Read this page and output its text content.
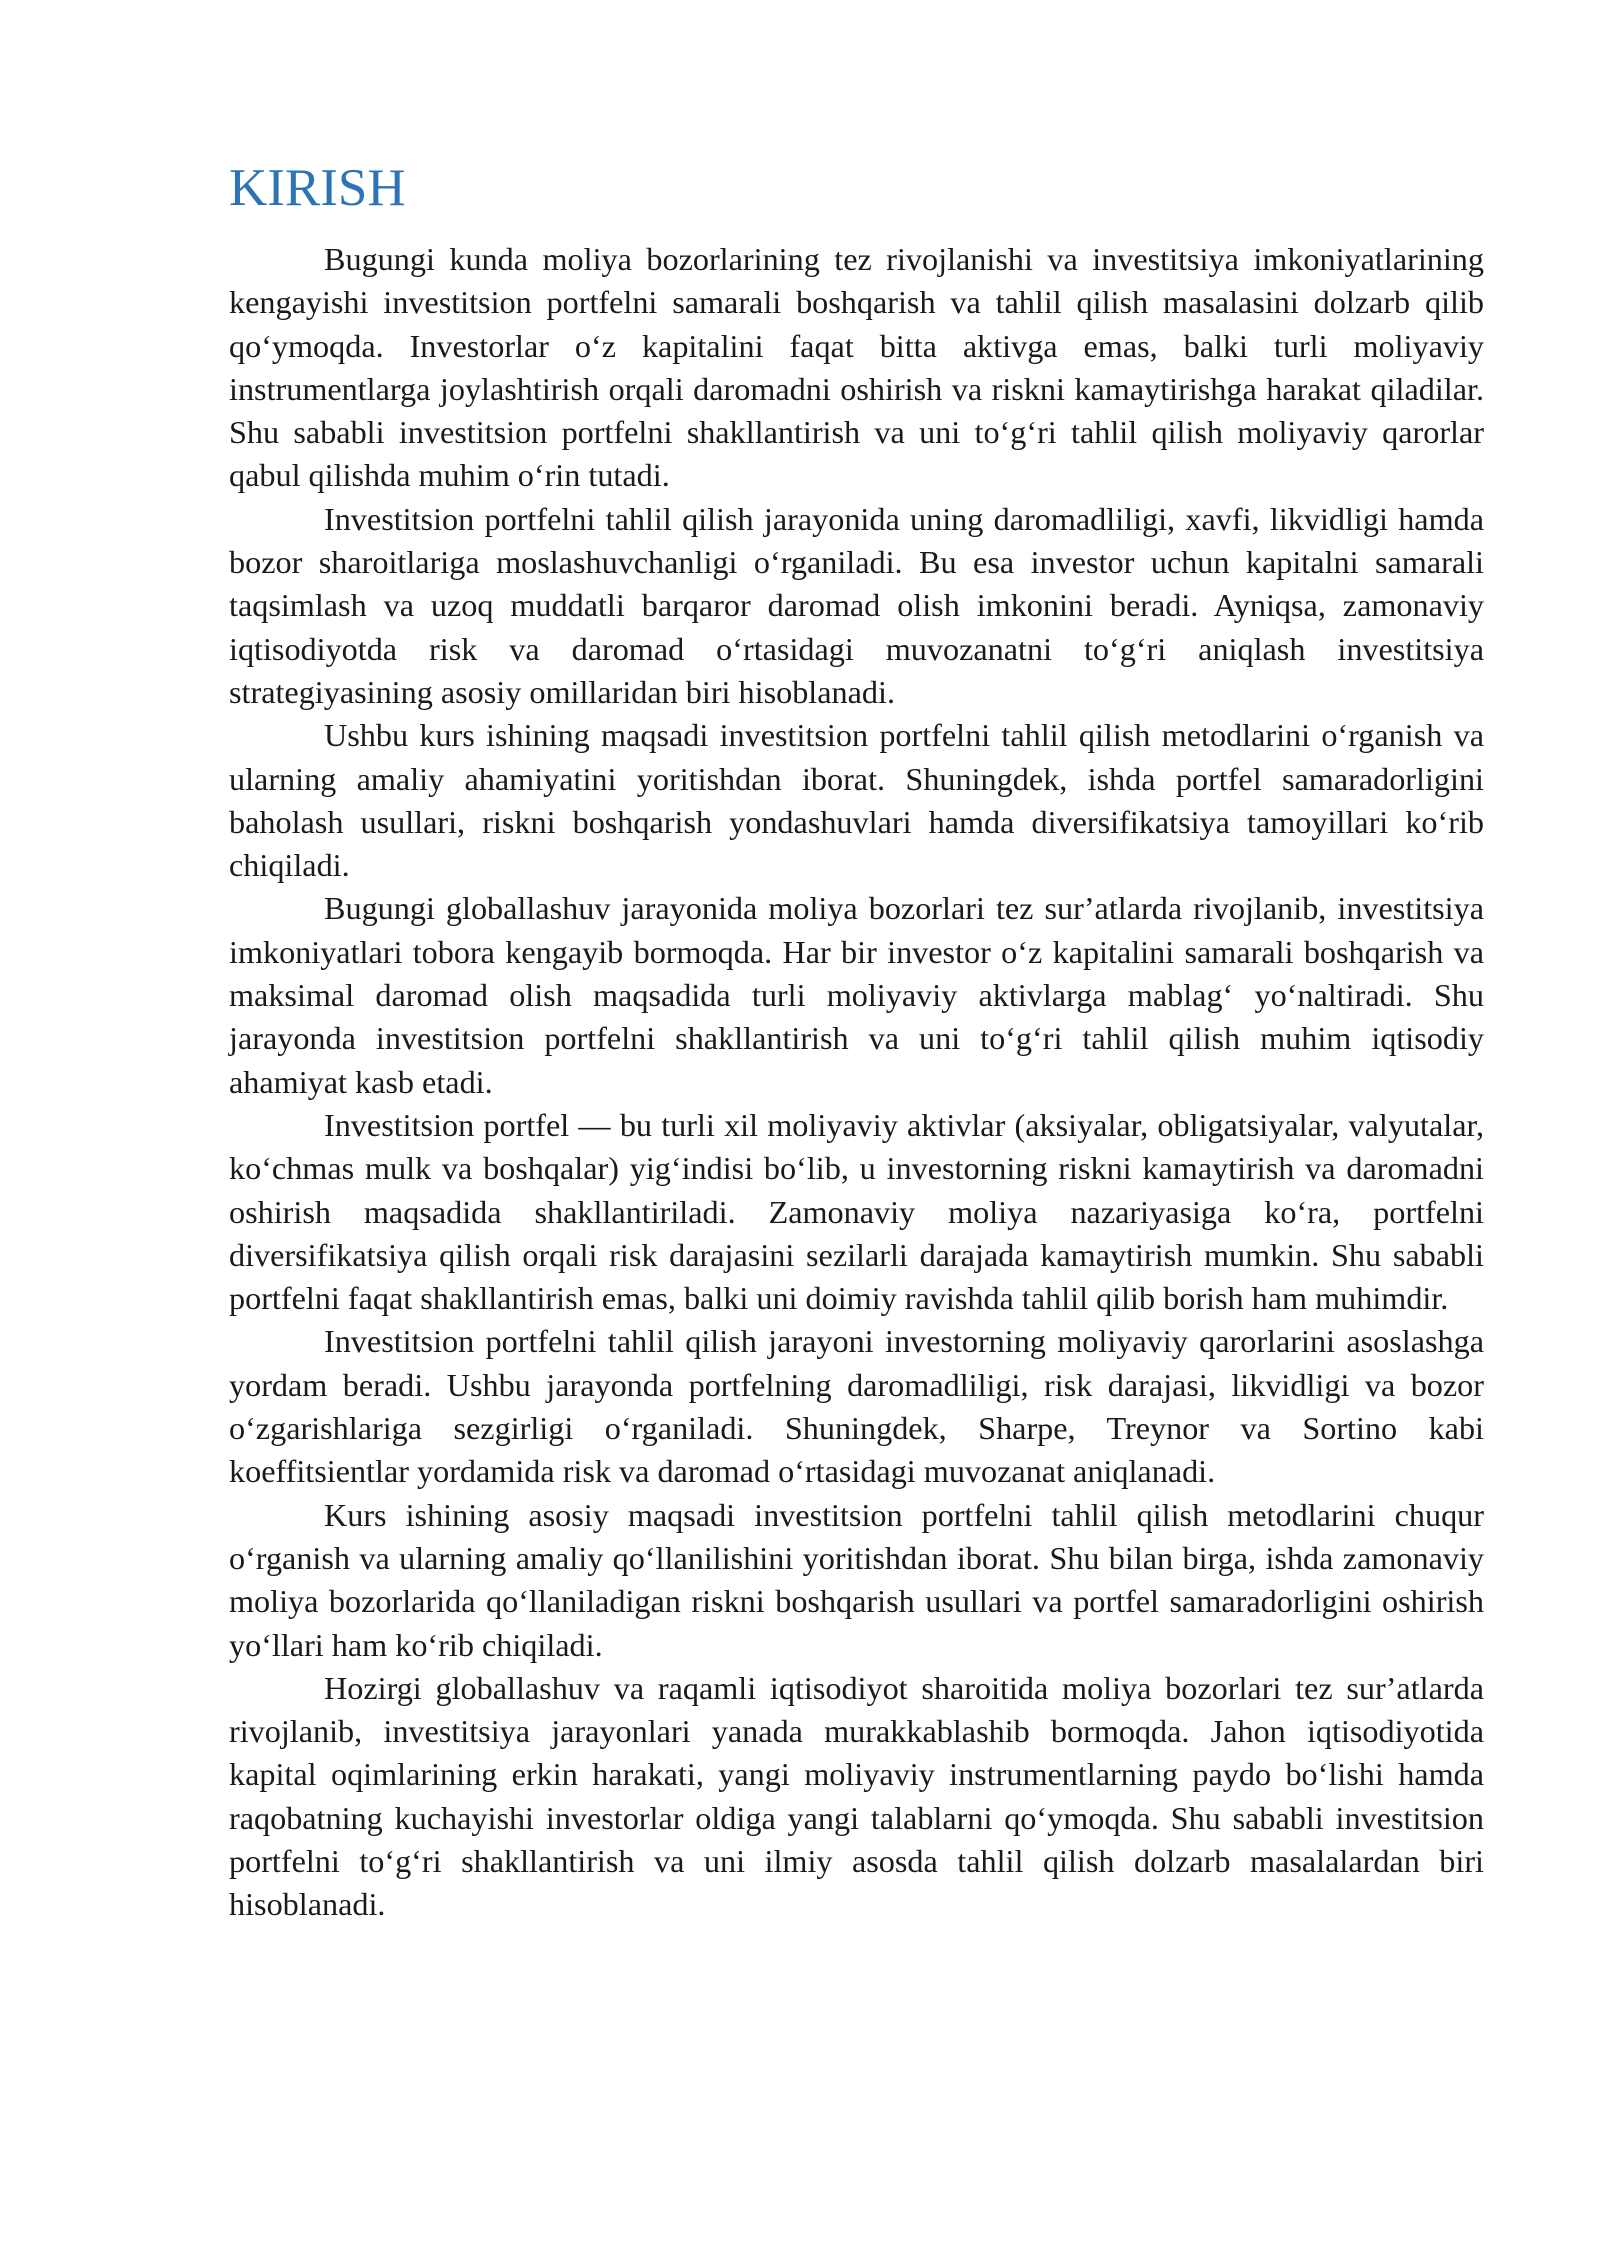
KIRISH

Bugungi kunda moliya bozorlarining tez rivojlanishi va investitsiya imkoniyatlarining kengayishi investitsion portfelni samarali boshqarish va tahlil qilish masalasini dolzarb qilib qoʻymoqda. Investorlar oʻz kapitalini faqat bitta aktivga emas, balki turli moliyaviy instrumentlarga joylashtirish orqali daromadni oshirish va riskni kamaytirishga harakat qiladilar. Shu sababli investitsion portfelni shakllantirish va uni toʻgʻri tahlil qilish moliyaviy qarorlar qabul qilishda muhim oʻrin tutadi.

Investitsion portfelni tahlil qilish jarayonida uning daromadliligi, xavfi, likvidligi hamda bozor sharoitlariga moslashuvchanligi oʻrganiladi. Bu esa investor uchun kapitalni samarali taqsimlash va uzoq muddatli barqaror daromad olish imkonini beradi. Ayniqsa, zamonaviy iqtisodiyotda risk va daromad oʻrtasidagi muvozanatni toʻgʻri aniqlash investitsiya strategiyasining asosiy omillaridan biri hisoblanadi.

Ushbu kurs ishining maqsadi investitsion portfelni tahlil qilish metodlarini oʻrganish va ularning amaliy ahamiyatini yoritishdan iborat. Shuningdek, ishda portfel samaradorligini baholash usullari, riskni boshqarish yondashuvlari hamda diversifikatsiya tamoyillari koʻrib chiqiladi.

Bugungi globallashuv jarayonida moliya bozorlari tez surʼatlarda rivojlanib, investitsiya imkoniyatlari tobora kengayib bormoqda. Har bir investor oʻz kapitalini samarali boshqarish va maksimal daromad olish maqsadida turli moliyaviy aktivlarga mablagʻ yoʻnaltiradi. Shu jarayonda investitsion portfelni shakllantirish va uni toʻgʻri tahlil qilish muhim iqtisodiy ahamiyat kasb etadi.

Investitsion portfel — bu turli xil moliyaviy aktivlar (aksiyalar, obligatsiyalar, valyutalar, koʻchmas mulk va boshqalar) yigʻindisi boʻlib, u investorning riskni kamaytirish va daromadni oshirish maqsadida shakllantiriladi. Zamonaviy moliya nazariyasiga koʻra, portfelni diversifikatsiya qilish orqali risk darajasini sezilarli darajada kamaytirish mumkin. Shu sababli portfelni faqat shakllantirish emas, balki uni doimiy ravishda tahlil qilib borish ham muhimdir.

Investitsion portfelni tahlil qilish jarayoni investorning moliyaviy qarorlarini asoslashga yordam beradi. Ushbu jarayonda portfelning daromadliligi, risk darajasi, likvidligi va bozor oʻzgarishlariga sezgirligi oʻrganiladi. Shuningdek, Sharpe, Treynor va Sortino kabi koeffitsientlar yordamida risk va daromad oʻrtasidagi muvozanat aniqlanadi.

Kurs ishining asosiy maqsadi investitsion portfelni tahlil qilish metodlarini chuqur oʻrganish va ularning amaliy qoʻllanilishini yoritishdan iborat. Shu bilan birga, ishda zamonaviy moliya bozorlarida qoʻllaniladigan riskni boshqarish usullari va portfel samaradorligini oshirish yoʻllari ham koʻrib chiqiladi.

Hozirgi globallashuv va raqamli iqtisodiyot sharoitida moliya bozorlari tez surʼatlarda rivojlanib, investitsiya jarayonlari yanada murakkablashib bormoqda. Jahon iqtisodiyotida kapital oqimlarining erkin harakati, yangi moliyaviy instrumentlarning paydo boʻlishi hamda raqobatning kuchayishi investorlar oldiga yangi talablarni qoʻymoqda. Shu sababli investitsion portfelni toʻgʻri shakllantirish va uni ilmiy asosda tahlil qilish dolzarb masalalardan biri hisoblanadi.
